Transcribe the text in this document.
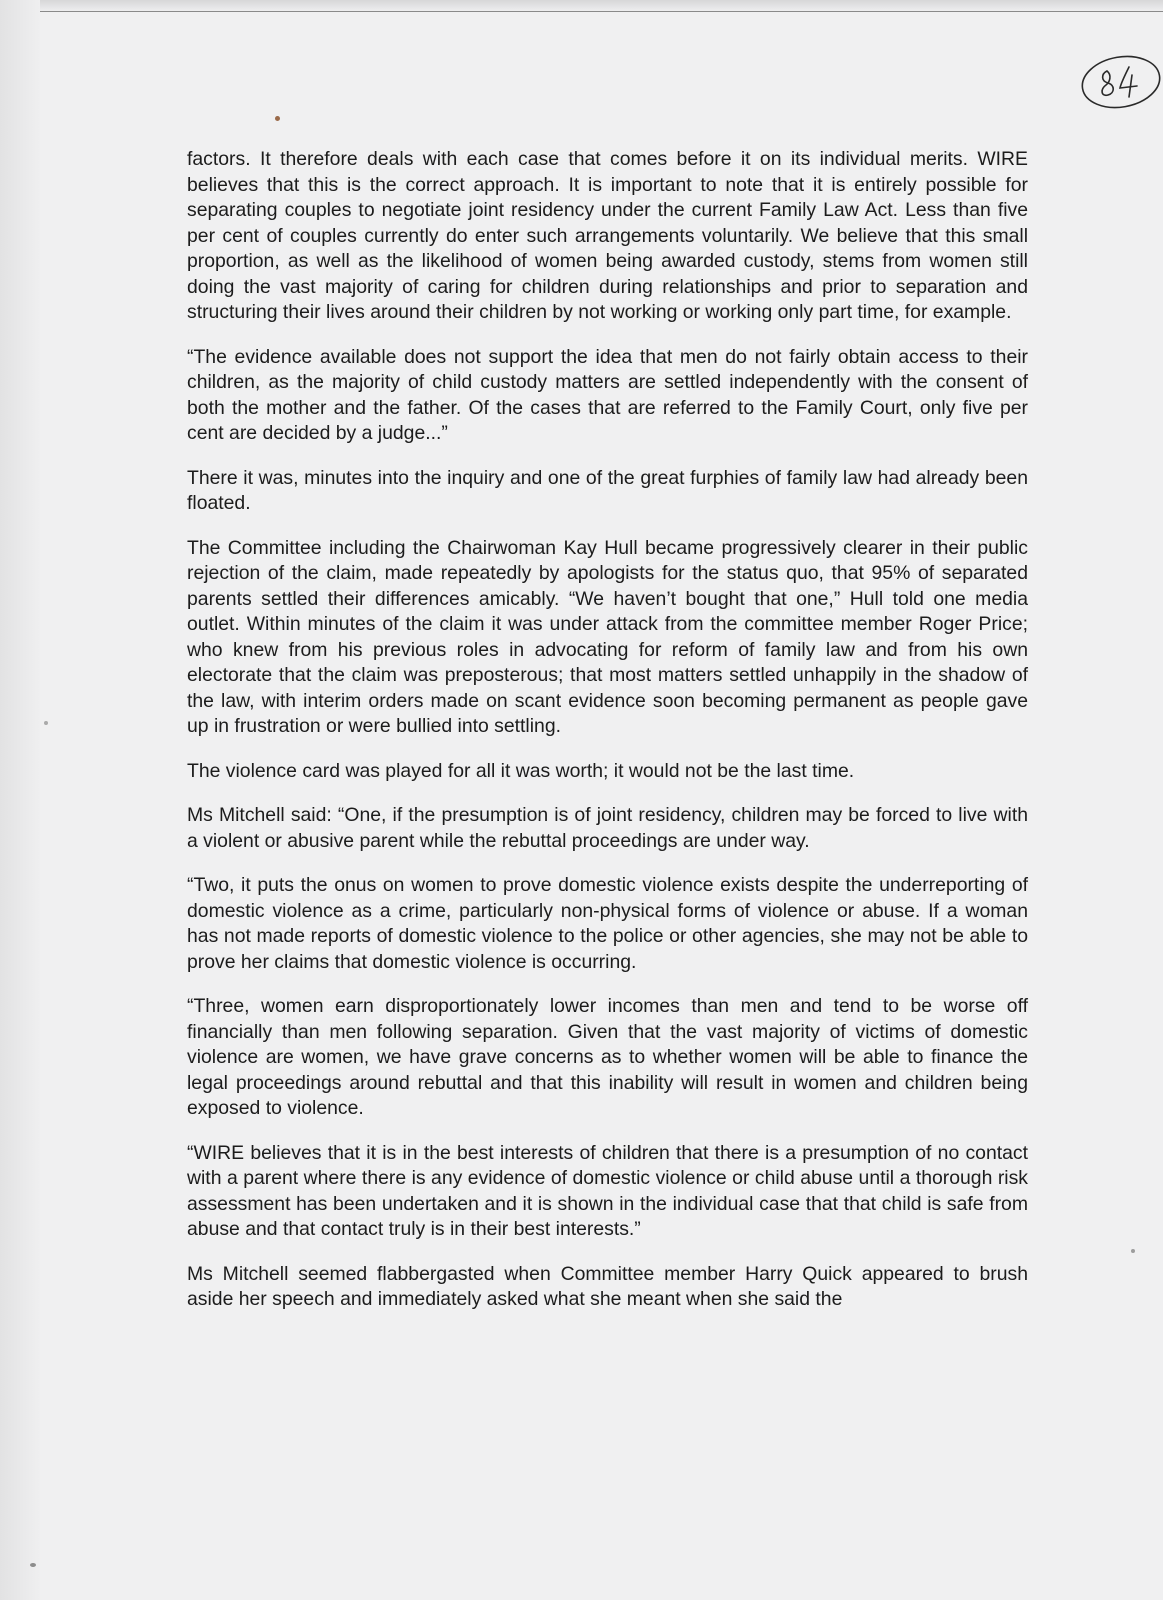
factors. It therefore deals with each case that comes before it on its individual merits. WIRE believes that this is the correct approach. It is important to note that it is entirely possible for separating couples to negotiate joint residency under the current Family Law Act. Less than five per cent of couples currently do enter such arrangements voluntarily. We believe that this small proportion, as well as the likelihood of women being awarded custody, stems from women still doing the vast majority of caring for children during relationships and prior to separation and structuring their lives around their children by not working or working only part time, for example.

“The evidence available does not support the idea that men do not fairly obtain access to their children, as the majority of child custody matters are settled independently with the consent of both the mother and the father. Of the cases that are referred to the Family Court, only five per cent are decided by a judge...”

There it was, minutes into the inquiry and one of the great furphies of family law had already been floated.

The Committee including the Chairwoman Kay Hull became progressively clearer in their public rejection of the claim, made repeatedly by apologists for the status quo, that 95% of separated parents settled their differences amicably. “We haven’t bought that one,” Hull told one media outlet. Within minutes of the claim it was under attack from the committee member Roger Price; who knew from his previous roles in advocating for reform of family law and from his own electorate that the claim was preposterous; that most matters settled unhappily in the shadow of the law, with interim orders made on scant evidence soon becoming permanent as people gave up in frustration or were bullied into settling.

The violence card was played for all it was worth; it would not be the last time.

Ms Mitchell said: “One, if the presumption is of joint residency, children may be forced to live with a violent or abusive parent while the rebuttal proceedings are under way.

“Two, it puts the onus on women to prove domestic violence exists despite the underreporting of domestic violence as a crime, particularly non-physical forms of violence or abuse. If a woman has not made reports of domestic violence to the police or other agencies, she may not be able to prove her claims that domestic violence is occurring.

“Three, women earn disproportionately lower incomes than men and tend to be worse off financially than men following separation. Given that the vast majority of victims of domestic violence are women, we have grave concerns as to whether women will be able to finance the legal proceedings around rebuttal and that this inability will result in women and children being exposed to violence.

“WIRE believes that it is in the best interests of children that there is a presumption of no contact with a parent where there is any evidence of domestic violence or child abuse until a thorough risk assessment has been undertaken and it is shown in the individual case that that child is safe from abuse and that contact truly is in their best interests.”

Ms Mitchell seemed flabbergasted when Committee member Harry Quick appeared to brush aside her speech and immediately asked what she meant when she said the
